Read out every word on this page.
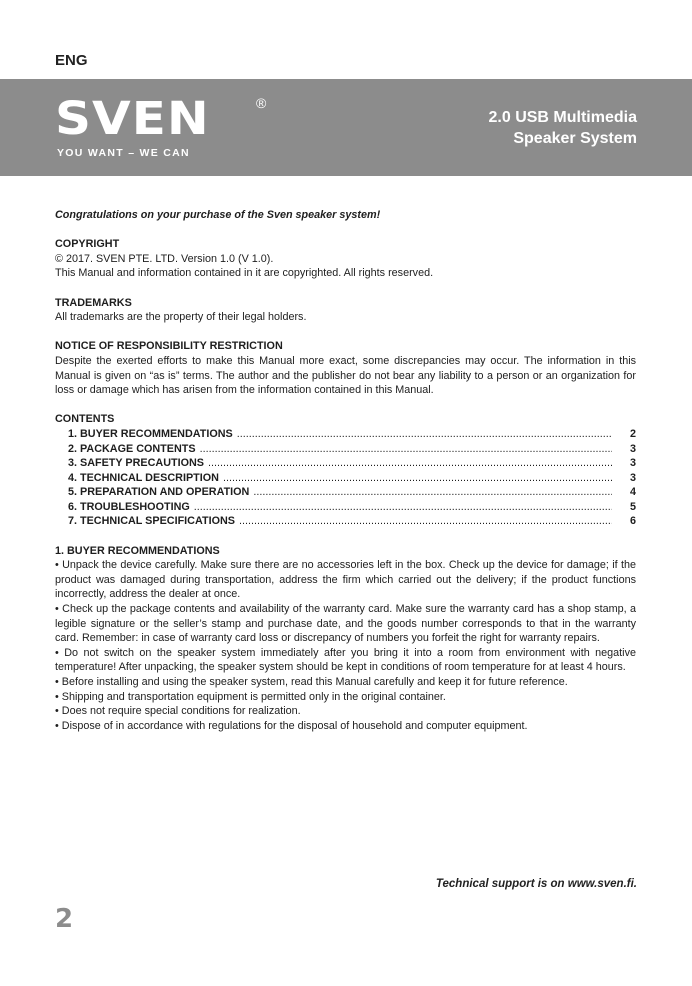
ENG
SVEN	®
YOU WANT – WE CAN
2.0 USB Multimedia
Speaker System

Congratulations on your purchase of the Sven speaker system!

COPYRIGHT

© 2017. SVEN PTE. LTD. Version 1.0 (V 1.0).

This Manual and information contained in it are copyrighted. All rights reserved.

TRADEMARKS

All trademarks are the property of their legal holders.

NOTICE OF RESPONSIBILITY RESTRICTION

Despite the exerted efforts to make this Manual more exact, some discrepancies may occur. The information in this Manual is given on “as is” terms. The author and the publisher do not bear any liability to a person or an organization for loss or damage which has arisen from the information contained in this Manual.

CONTENTS

1. BUYER RECOMMENDATIONS .....	2
2. PACKAGE CONTENTS .....	3
3. SAFETY PRECAUTIONS .....	3
4. TECHNICAL DESCRIPTION .....	3
5. PREPARATION AND OPERATION .....	4
6. TROUBLESHOOTING .....	5
7. TECHNICAL SPECIFICATIONS .....	6

1. BUYER RECOMMENDATIONS

• Unpack the device carefully. Make sure there are no accessories left in the box. Check up the device for damage; if the product was damaged during transportation, address the firm which carried out the delivery; if the product functions incorrectly, address the dealer at once.

• Check up the package contents and availability of the warranty card. Make sure the warranty card has a shop stamp, a legible signature or the seller’s stamp and purchase date, and the goods number corresponds to that in the warranty card. Remember: in case of warranty card loss or discrepancy of numbers you forfeit the right for warranty repairs.

• Do not switch on the speaker system immediately after you bring it into a room from environment with negative temperature! After unpacking, the speaker system should be kept in conditions of room temperature for at least 4 hours.

• Before installing and using the speaker system, read this Manual carefully and keep it for future reference.

• Shipping and transportation equipment is permitted only in the original container.

• Does not require special conditions for realization.

• Dispose of in accordance with regulations for the disposal of household and computer equipment.

Technical support is on www.sven.fi.
2
